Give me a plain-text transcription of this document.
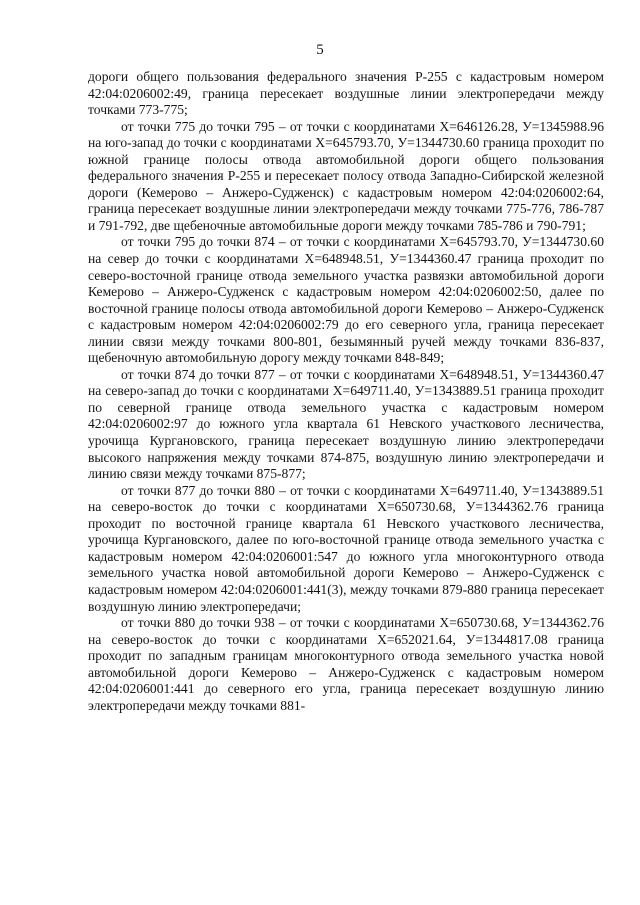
5

дороги общего пользования федерального значения Р-255 с кадастровым номером 42:04:0206002:49, граница пересекает воздушные линии электропередачи между точками 773-775;

от точки 775 до точки 795 – от точки с координатами Х=646126.28, У=1345988.96 на юго-запад до точки с координатами Х=645793.70, У=1344730.60 граница проходит по южной границе полосы отвода автомобильной дороги общего пользования федерального значения Р-255 и пересекает полосу отвода Западно-Сибирской железной дороги (Кемерово – Анжеро-Судженск) с кадастровым номером 42:04:0206002:64, граница пересекает воздушные линии электропередачи между точками 775-776, 786-787 и 791-792, две щебеночные автомобильные дороги между точками 785-786 и 790-791;

от точки 795 до точки 874 – от точки с координатами Х=645793.70, У=1344730.60 на север до точки с координатами Х=648948.51, У=1344360.47 граница проходит по северо-восточной границе отвода земельного участка развязки автомобильной дороги Кемерово – Анжеро-Судженск с кадастровым номером 42:04:0206002:50, далее по восточной границе полосы отвода автомобильной дороги Кемерово – Анжеро-Судженск с кадастровым номером 42:04:0206002:79 до его северного угла, граница пересекает линии связи между точками 800-801, безымянный ручей между точками 836-837, щебеночную автомобильную дорогу между точками 848-849;

от точки 874 до точки 877 – от точки с координатами Х=648948.51, У=1344360.47 на северо-запад до точки с координатами Х=649711.40, У=1343889.51 граница проходит по северной границе отвода земельного участка с кадастровым номером 42:04:0206002:97 до южного угла квартала 61 Невского участкового лесничества, урочища Кургановского, граница пересекает воздушную линию электропередачи высокого напряжения между точками 874-875, воздушную линию электропередачи и линию связи между точками 875-877;

от точки 877 до точки 880 – от точки с координатами Х=649711.40, У=1343889.51 на северо-восток до точки с координатами Х=650730.68, У=1344362.76 граница проходит по восточной границе квартала 61 Невского участкового лесничества, урочища Кургановского, далее по юго-восточной границе отвода земельного участка с кадастровым номером 42:04:0206001:547 до южного угла многоконтурного отвода земельного участка новой автомобильной дороги Кемерово – Анжеро-Судженск с кадастровым номером 42:04:0206001:441(3), между точками 879-880 граница пересекает воздушную линию электропередачи;

от точки 880 до точки 938 – от точки с координатами Х=650730.68, У=1344362.76 на северо-восток до точки с координатами Х=652021.64, У=1344817.08 граница проходит по западным границам многоконтурного отвода земельного участка новой автомобильной дороги Кемерово – Анжеро-Судженск с кадастровым номером 42:04:0206001:441 до северного его угла, граница пересекает воздушную линию электропередачи между точками 881-
